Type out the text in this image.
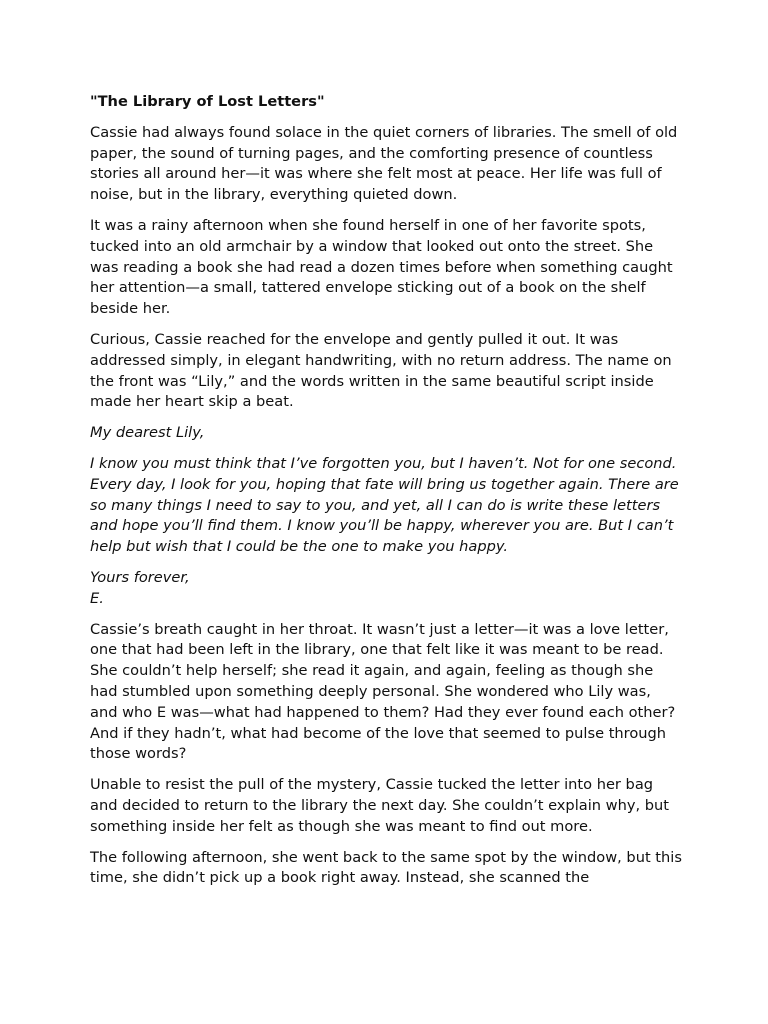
"The Library of Lost Letters"

Cassie had always found solace in the quiet corners of libraries. The smell of old paper, the sound of turning pages, and the comforting presence of countless stories all around her—it was where she felt most at peace. Her life was full of noise, but in the library, everything quieted down.

It was a rainy afternoon when she found herself in one of her favorite spots, tucked into an old armchair by a window that looked out onto the street. She was reading a book she had read a dozen times before when something caught her attention—a small, tattered envelope sticking out of a book on the shelf beside her.

Curious, Cassie reached for the envelope and gently pulled it out. It was addressed simply, in elegant handwriting, with no return address. The name on the front was “Lily,” and the words written in the same beautiful script inside made her heart skip a beat.

My dearest Lily,

I know you must think that I’ve forgotten you, but I haven’t. Not for one second. Every day, I look for you, hoping that fate will bring us together again. There are so many things I need to say to you, and yet, all I can do is write these letters and hope you’ll find them. I know you’ll be happy, wherever you are. But I can’t help but wish that I could be the one to make you happy.

Yours forever,
E.

Cassie’s breath caught in her throat. It wasn’t just a letter—it was a love letter, one that had been left in the library, one that felt like it was meant to be read. She couldn’t help herself; she read it again, and again, feeling as though she had stumbled upon something deeply personal. She wondered who Lily was, and who E was—what had happened to them? Had they ever found each other? And if they hadn’t, what had become of the love that seemed to pulse through those words?

Unable to resist the pull of the mystery, Cassie tucked the letter into her bag and decided to return to the library the next day. She couldn’t explain why, but something inside her felt as though she was meant to find out more.

The following afternoon, she went back to the same spot by the window, but this time, she didn’t pick up a book right away. Instead, she scanned the
